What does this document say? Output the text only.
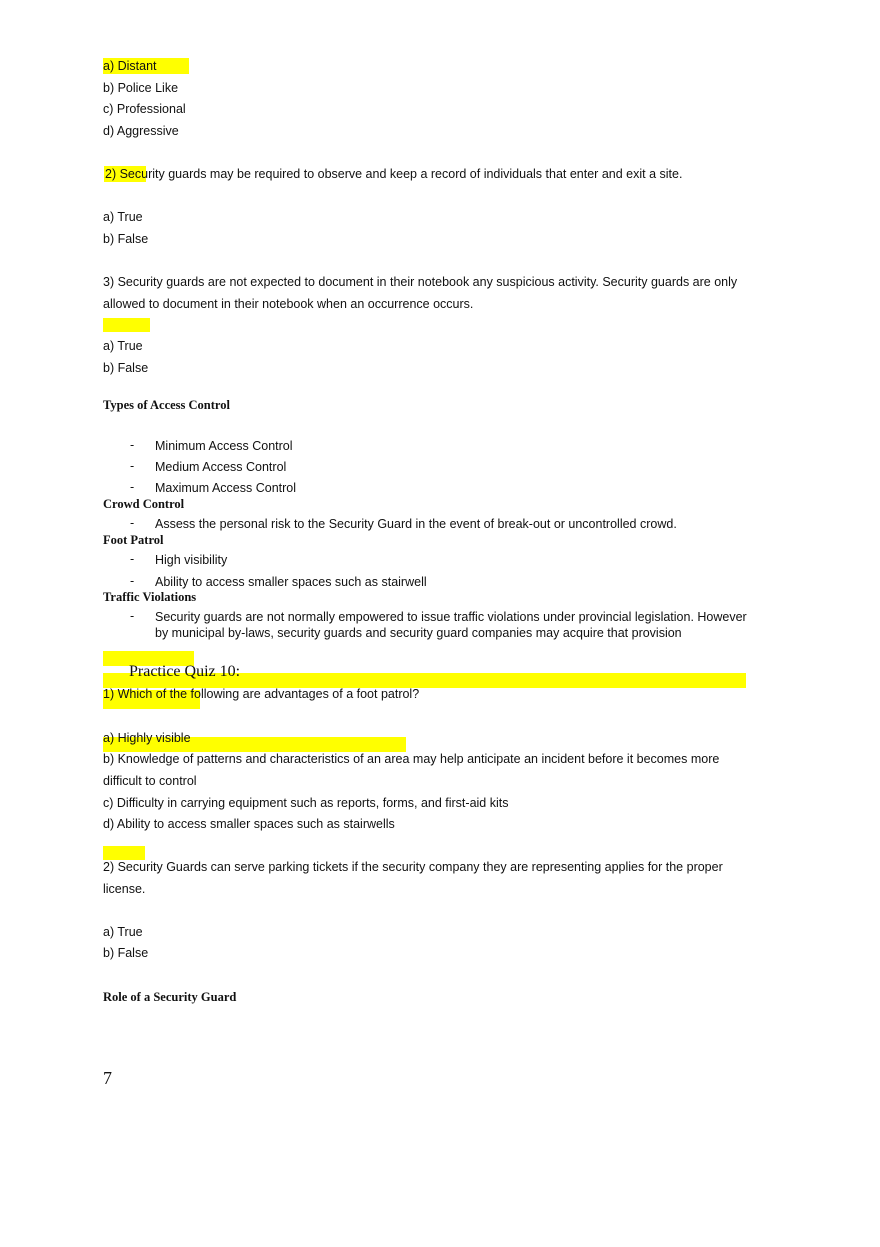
a) Distant
b) Police Like
c) Professional
d) Aggressive
2) Security guards may be required to observe and keep a record of individuals that enter and exit a site.
a) True
b) False
3) Security guards are not expected to document in their notebook any suspicious activity. Security guards are only
allowed to document in their notebook when an occurrence occurs.
a) True
b) False
Types of Access Control
- Minimum Access Control
- Medium Access Control
- Maximum Access Control
Crowd Control
- Assess the personal risk to the Security Guard in the event of break-out or uncontrolled crowd.
Foot Patrol
- High visibility
- Ability to access smaller spaces such as stairwell
Traffic Violations
- Security guards are not normally empowered to issue traffic violations under provincial legislation. However
by municipal by-laws, security guards and security guard companies may acquire that provision
Practice Quiz 10:
1) Which of the following are advantages of a foot patrol?
a) Highly visible
b) Knowledge of patterns and characteristics of an area may help anticipate an incident before it becomes more
difficult to control
c) Difficulty in carrying equipment such as reports, forms, and first-aid kits
d) Ability to access smaller spaces such as stairwells
2) Security Guards can serve parking tickets if the security company they are representing applies for the proper
license.
a) True
b) False
Role of a Security Guard
7
